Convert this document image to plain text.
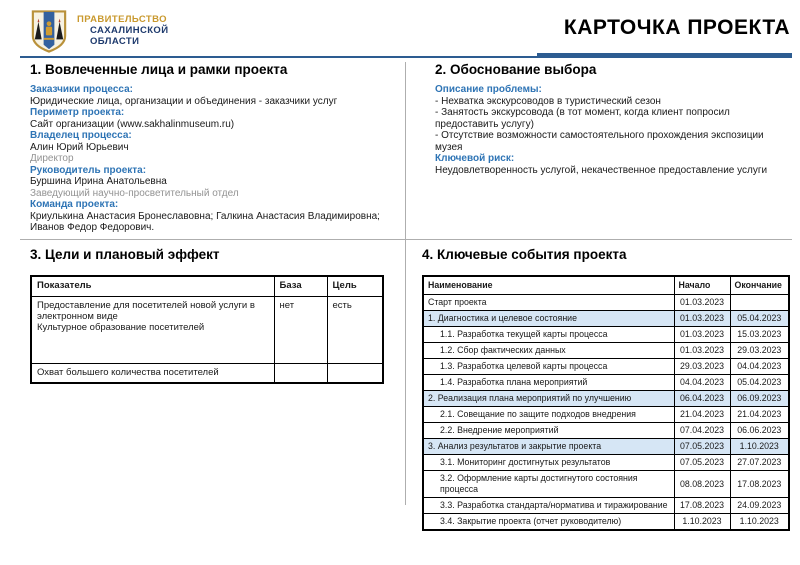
ПРАВИТЕЛЬСТВО
САХАЛИНСКОЙ
ОБЛАСТИ
КАРТОЧКА ПРОЕКТА
1. Вовлеченные лица и рамки проекта
Заказчики процесса:
Юридические лица, организации и объединения - заказчики услуг
Периметр проекта:
Сайт организации (www.sakhalinmuseum.ru)
Владелец процесса:
Алин Юрий Юрьевич
Директор
Руководитель проекта:
Буршина Ирина Анатольевна
Заведующий научно-просветительный отдел
Команда проекта:
Криулькина Анастасия Бронеславовна; Галкина Анастасия Владимировна; Иванов Федор Федорович.
2. Обоснование выбора
Описание проблемы:
- Нехватка экскурсоводов в туристический сезон
- Занятость экскурсовода (в тот момент, когда клиент попросил предоставить услугу)
- Отсутствие возможности самостоятельного прохождения экспозиции музея
Ключевой риск:
Неудовлетворенность услугой, некачественное предоставление услуги
3. Цели и плановый эффект
Показатель	База	Цель

Предоставление для посетителей новой услуги в электронном виде
Культурное образование посетителей	нет	есть

Охват большего количества посетителей		

4. Ключевые события проекта
Наименование	Начало	Окончание
Старт проекта	01.03.2023	
1. Диагностика и целевое состояние	01.03.2023	05.04.2023
1.1. Разработка текущей карты процесса	01.03.2023	15.03.2023
1.2. Сбор фактических данных	01.03.2023	29.03.2023
1.3. Разработка целевой карты процесса	29.03.2023	04.04.2023
1.4. Разработка плана мероприятий	04.04.2023	05.04.2023
2. Реализация плана мероприятий по улучшению	06.04.2023	06.09.2023
2.1. Совещание по защите подходов внедрения	21.04.2023	21.04.2023
2.2. Внедрение мероприятий	07.04.2023	06.06.2023
3. Анализ результатов и закрытие проекта	07.05.2023	1.10.2023
3.1. Мониторинг достигнутых результатов	07.05.2023	27.07.2023
3.2. Оформление карты достигнутого состояния процесса	08.08.2023	17.08.2023
3.3. Разработка стандарта/норматива и тиражирование	17.08.2023	24.09.2023
3.4. Закрытие проекта (отчет руководителю)	1.10.2023	1.10.2023
